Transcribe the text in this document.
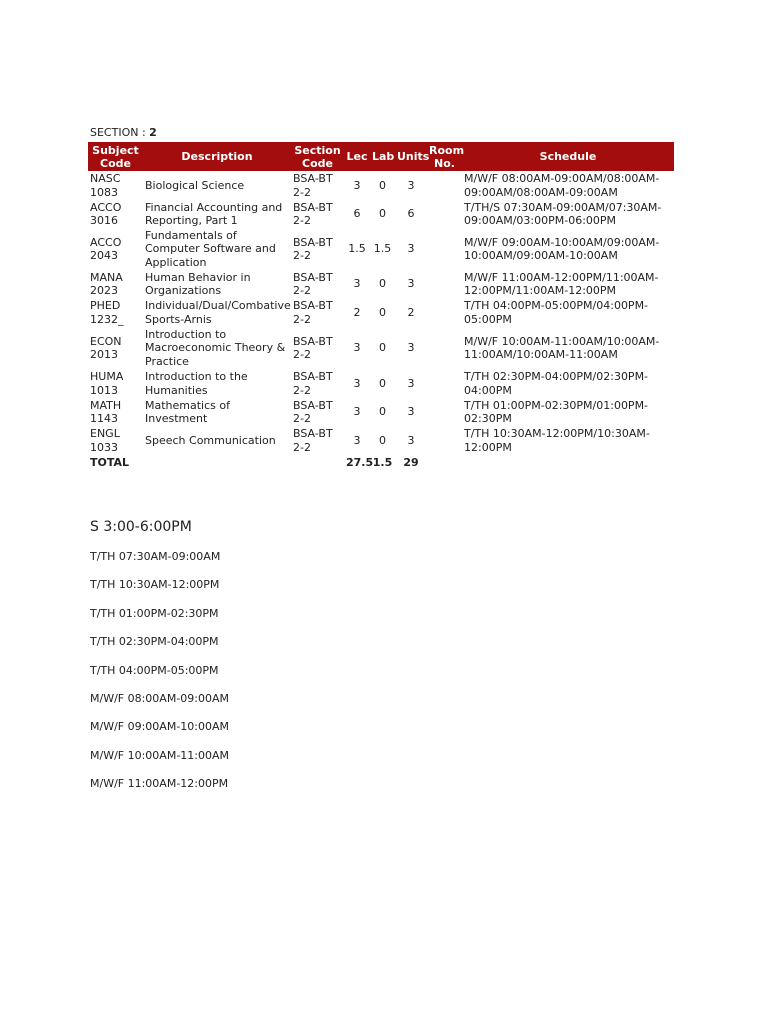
SECTION : 2
Subject Code	Description	Section Code	Lec	Lab	Units	Room No.	Schedule
NASC 1083	Biological Science	BSA-BT 2-2	3	0	3		M/W/F 08:00AM-09:00AM/08:00AM-09:00AM/08:00AM-09:00AM
ACCO 3016	Financial Accounting and Reporting, Part 1	BSA-BT 2-2	6	0	6		T/TH/S 07:30AM-09:00AM/07:30AM-09:00AM/03:00PM-06:00PM
ACCO 2043	Fundamentals of Computer Software and Application	BSA-BT 2-2	1.5	1.5	3		M/W/F 09:00AM-10:00AM/09:00AM-10:00AM/09:00AM-10:00AM
MANA 2023	Human Behavior in Organizations	BSA-BT 2-2	3	0	3		M/W/F 11:00AM-12:00PM/11:00AM-12:00PM/11:00AM-12:00PM
PHED 1232_	Individual/Dual/Combative Sports-Arnis	BSA-BT 2-2	2	0	2		T/TH 04:00PM-05:00PM/04:00PM-05:00PM
ECON 2013	Introduction to Macroeconomic Theory & Practice	BSA-BT 2-2	3	0	3		M/W/F 10:00AM-11:00AM/10:00AM-11:00AM/10:00AM-11:00AM
HUMA 1013	Introduction to the Humanities	BSA-BT 2-2	3	0	3		T/TH 02:30PM-04:00PM/02:30PM-04:00PM
MATH 1143	Mathematics of Investment	BSA-BT 2-2	3	0	3		T/TH 01:00PM-02:30PM/01:00PM-02:30PM
ENGL 1033	Speech Communication	BSA-BT 2-2	3	0	3		T/TH 10:30AM-12:00PM/10:30AM-12:00PM
TOTAL			27.5	1.5	29		
S 3:00-6:00PM
T/TH 07:30AM-09:00AM
T/TH 10:30AM-12:00PM
T/TH 01:00PM-02:30PM
T/TH 02:30PM-04:00PM
T/TH 04:00PM-05:00PM
M/W/F 08:00AM-09:00AM
M/W/F 09:00AM-10:00AM
M/W/F 10:00AM-11:00AM
M/W/F 11:00AM-12:00PM
